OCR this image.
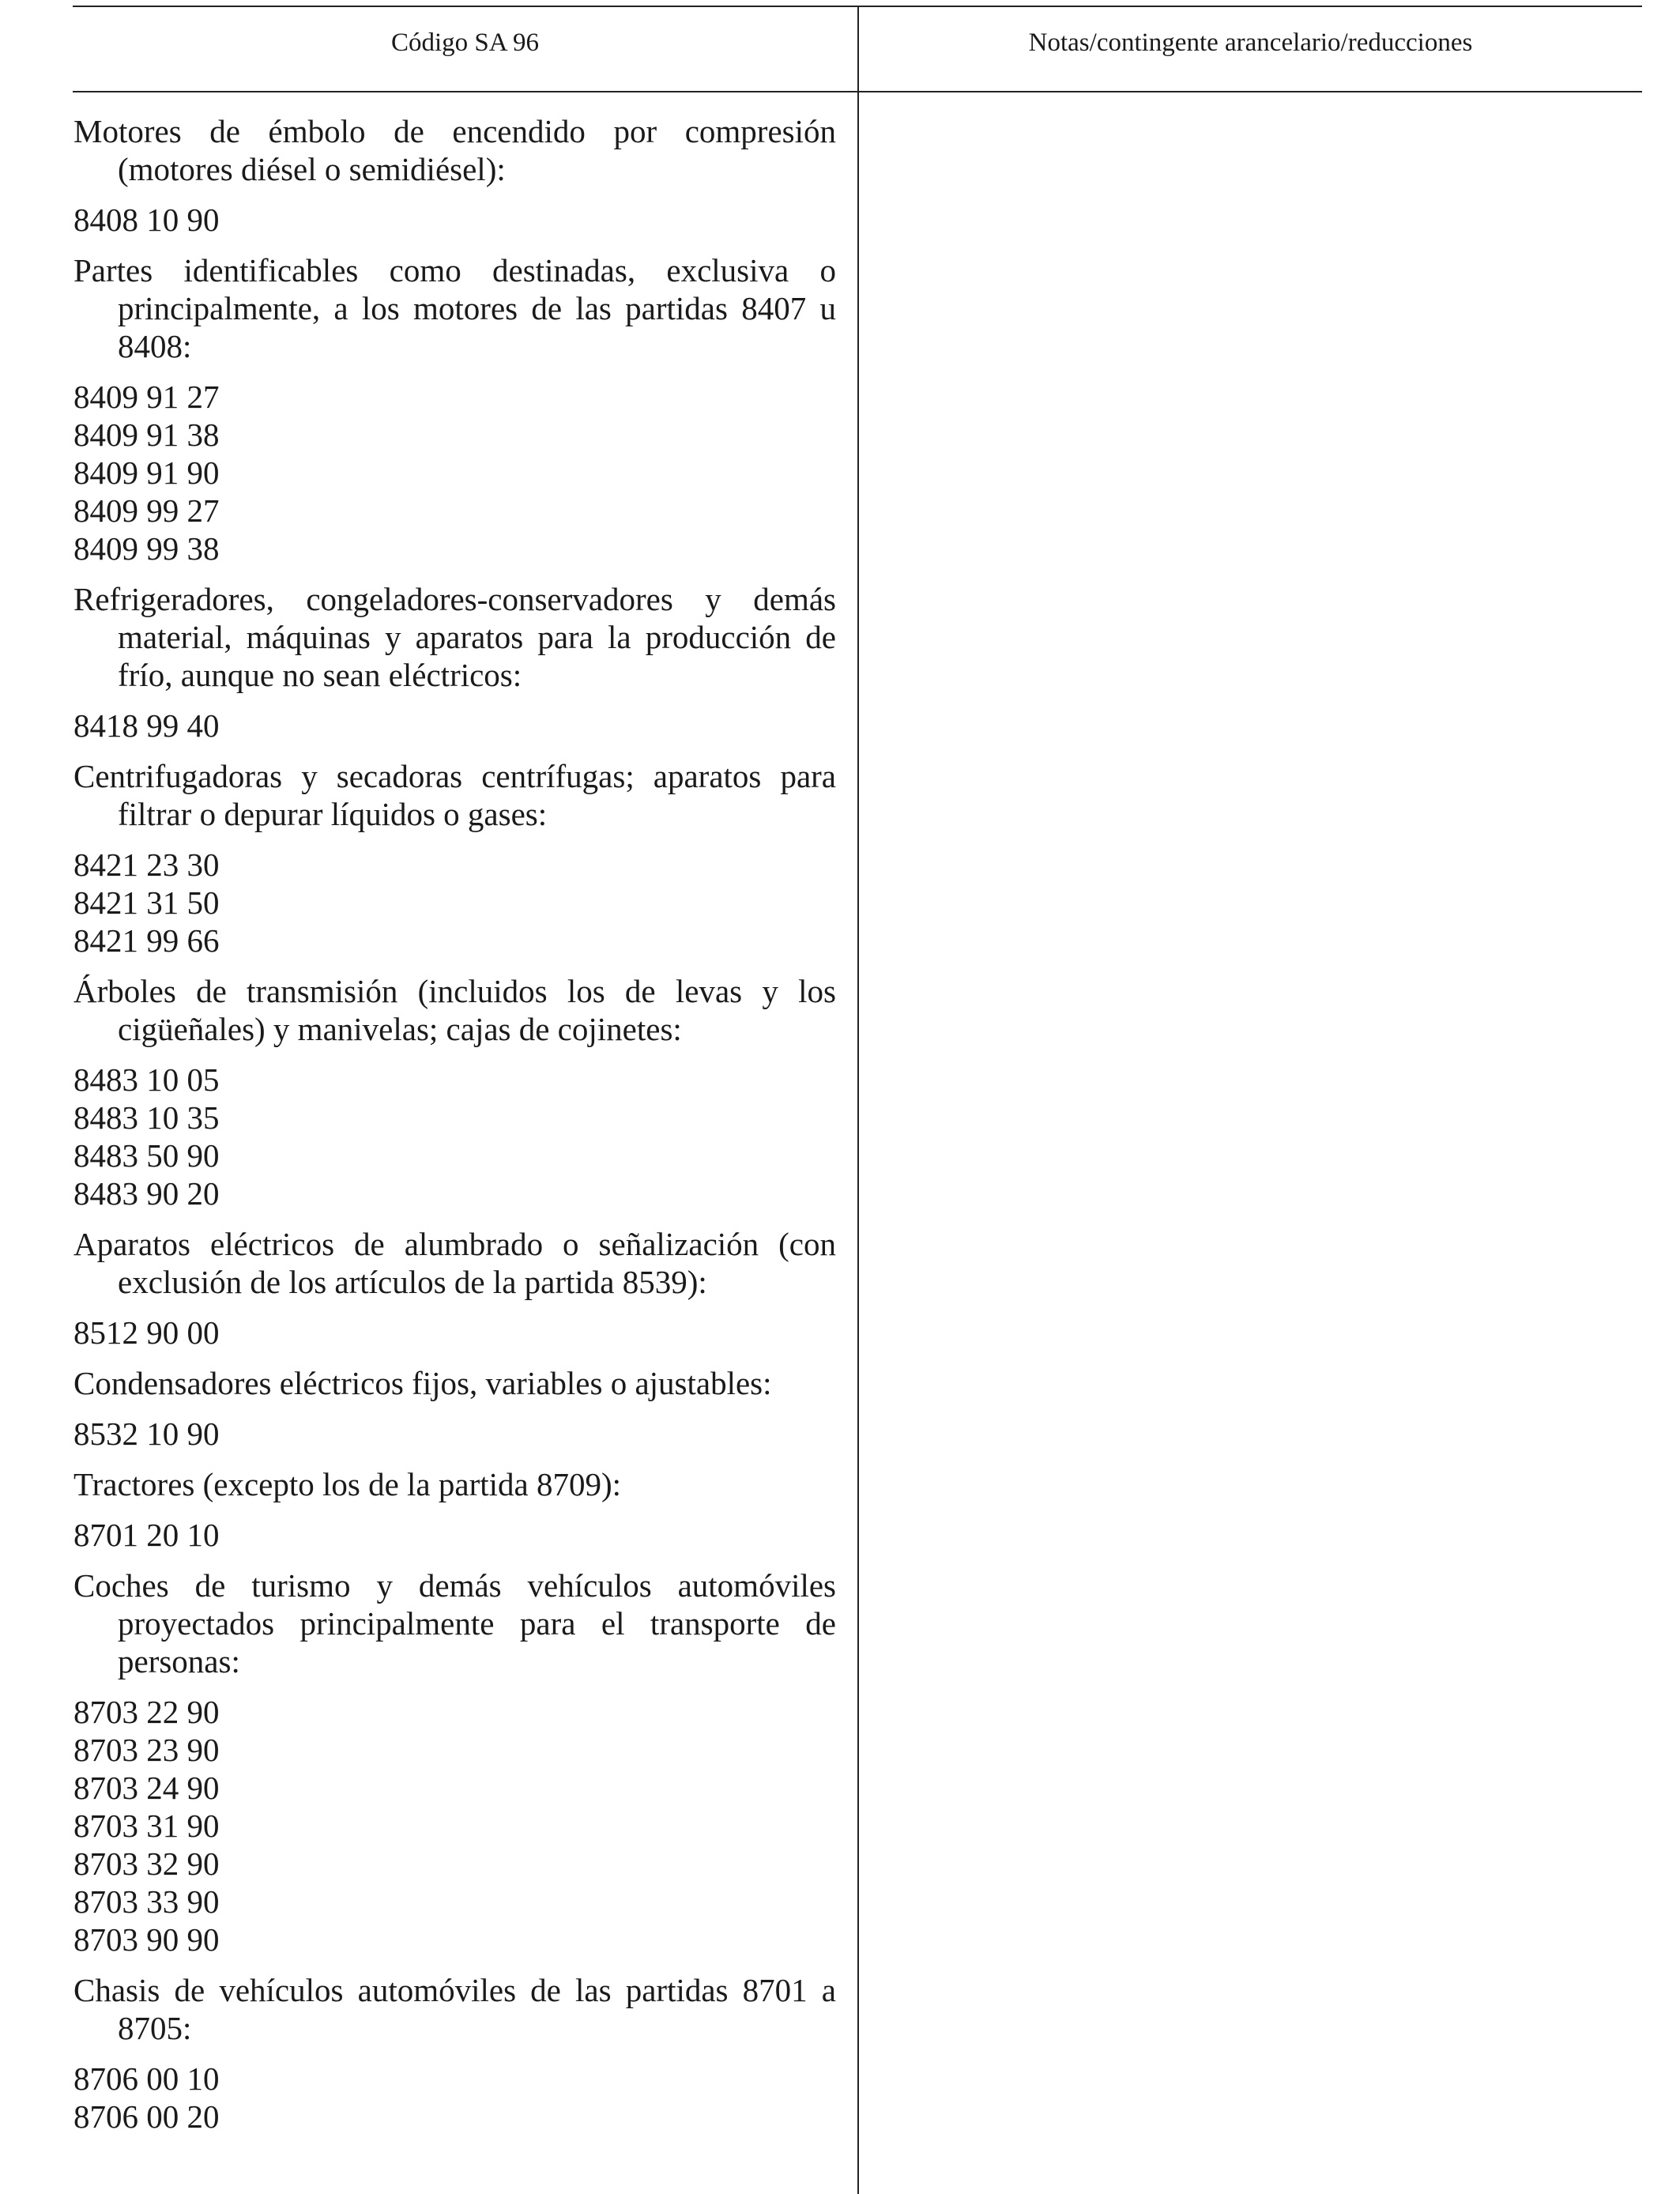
Código SA 96	Notas/contingente arancelario/reducciones

Motores de émbolo de encendido por compresión (motores diésel o semidiésel):

8408 10 90

Partes identificables como destinadas, exclusiva o principalmente, a los motores de las partidas 8407 u 8408:

8409 91 27
8409 91 38
8409 91 90
8409 99 27
8409 99 38

Refrigeradores, congeladores-conservadores y demás material, máquinas y aparatos para la producción de frío, aunque no sean eléctricos:

8418 99 40

Centrifugadoras y secadoras centrífugas; aparatos para filtrar o depurar líquidos o gases:

8421 23 30
8421 31 50
8421 99 66

Árboles de transmisión (incluidos los de levas y los cigüeñales) y manivelas; cajas de cojinetes:

8483 10 05
8483 10 35
8483 50 90
8483 90 20

Aparatos eléctricos de alumbrado o señalización (con exclusión de los artículos de la partida 8539):

8512 90 00

Condensadores eléctricos fijos, variables o ajustables:

8532 10 90

Tractores (excepto los de la partida 8709):

8701 20 10

Coches de turismo y demás vehículos automóviles proyectados principalmente para el transporte de personas:

8703 22 90
8703 23 90
8703 24 90
8703 31 90
8703 32 90
8703 33 90
8703 90 90

Chasis de vehículos automóviles de las partidas 8701 a 8705:

8706 00 10
8706 00 20
